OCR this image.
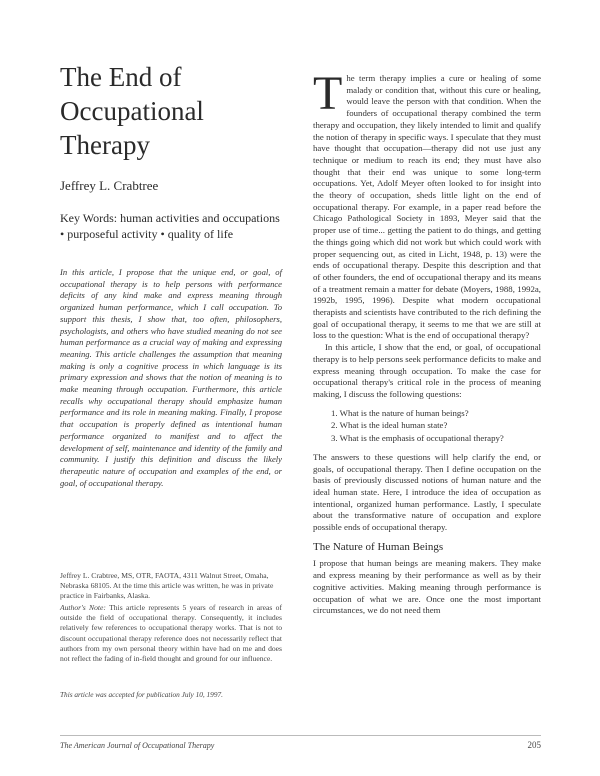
The End of
Occupational Therapy
Jeffrey L. Crabtree
Key Words: human activities and occupations • purposeful activity • quality of life
In this article, I propose that the unique end, or goal, of occupational therapy is to help persons with performance deficits of any kind make and express meaning through organized human performance, which I call occupation. To support this thesis, I show that, too often, philosophers, psychologists, and others who have studied meaning do not see human performance as a crucial way of making and expressing meaning. This article challenges the assumption that meaning making is only a cognitive process in which language is its primary expression and shows that the notion of meaning is to make meaning through occupation. Furthermore, this article recalls why occupational therapy should emphasize human performance and its role in meaning making. Finally, I propose that occupation is properly defined as intentional human performance organized to manifest and to affect the development of self, maintenance and identity of the family and community. I justify this definition and discuss the likely therapeutic nature of occupation and examples of the end, or goal, of occupational therapy.
Jeffrey L. Crabtree, MS, OTR, FAOTA, 4311 Walnut Street, Omaha, Nebraska 68105. At the time this article was written, he was in private practice in Fairbanks, Alaska.
Author's Note: This article represents 5 years of research in areas of outside the field of occupational therapy. Consequently, it includes relatively few references to occupational therapy works. That is not to discount occupational therapy reference does not necessarily reflect that authors from my own personal theory within have had on me and does not reflect the fading of in-field thought and ground for our influence.
This article was accepted for publication July 10, 1997.

The term therapy implies a cure or healing of some malady or condition that, without this cure or healing, would leave the person with that condition. When the founders of occupational therapy combined the term therapy and occupation, they likely intended to limit and qualify the notion of therapy in specific ways. I speculate that they must have thought that occupation—therapy did not use just any technique or medium to reach its end; they must have also thought that their end was unique to some long-term occupations. Yet, Adolf Meyer often looked to for insight into the theory of occupation, sheds little light on the end of occupational therapy. For example, in a paper read before the Chicago Pathological Society in 1893, Meyer said that the proper use of time... getting the patient to do things, and getting the things going which did not work but which could work with proper sequencing out, as cited in Licht, 1948, p. 13) were the ends of occupational therapy. Despite this description and that of other founders, the end of occupational therapy and its means of a treatment remain a matter for debate (Moyers, 1988, 1992a, 1992b, 1995, 1996). Despite what modern occupational therapists and scientists have contributed to the rich defining the goal of occupational therapy, it seems to me that we are still at loss to the question: What is the end of occupational therapy?

In this article, I show that the end, or goal, of occupational therapy is to help persons seek performance deficits to make and express meaning through occupation. To make the case for occupational therapy's critical role in the process of meaning making, I discuss the following questions:

1. What is the nature of human beings?
2. What is the ideal human state?
3. What is the emphasis of occupational therapy?

The answers to these questions will help clarify the end, or goals, of occupational therapy. Then I define occupation on the basis of previously discussed notions of human nature and the ideal human state. Here, I introduce the idea of occupation as intentional, organized human performance. Lastly, I speculate about the transformative nature of occupation and explore possible ends of occupational therapy.

The Nature of Human Beings

I propose that human beings are meaning makers. They make and express meaning by their performance as well as by their cognitive activities. Making meaning through performance is occupation of what we are. Once one the most important circumstances, we do not need them

The American Journal of Occupational Therapy	205
